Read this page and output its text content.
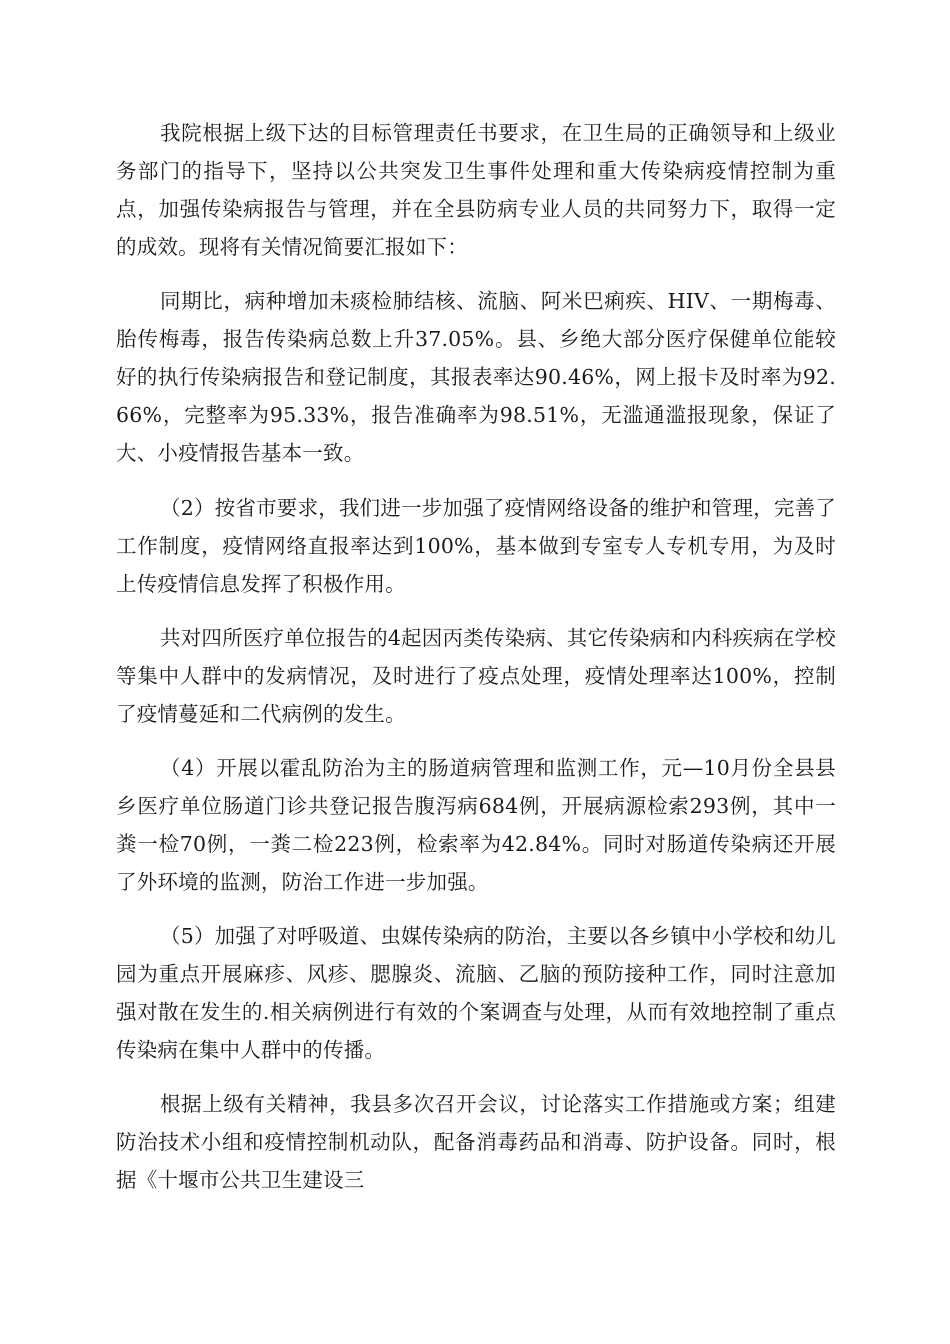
我院根据上级下达的目标管理责任书要求，在卫生局的正确领导和上级业务部门的指导下，坚持以公共突发卫生事件处理和重大传染病疫情控制为重点，加强传染病报告与管理，并在全县防病专业人员的共同努力下，取得一定的成效。现将有关情况简要汇报如下：

同期比，病种增加未痰检肺结核、流脑、阿米巴痢疾、HIV、一期梅毒、胎传梅毒，报告传染病总数上升37.05%。县、乡绝大部分医疗保健单位能较好的执行传染病报告和登记制度，其报表率达90.46%，网上报卡及时率为92.66%，完整率为95.33%，报告准确率为98.51%，无滥通滥报现象，保证了大、小疫情报告基本一致。

（2）按省市要求，我们进一步加强了疫情网络设备的维护和管理，完善了工作制度，疫情网络直报率达到100%，基本做到专室专人专机专用，为及时上传疫情信息发挥了积极作用。

共对四所医疗单位报告的4起因丙类传染病、其它传染病和内科疾病在学校等集中人群中的发病情况，及时进行了疫点处理，疫情处理率达100%，控制了疫情蔓延和二代病例的发生。

（4）开展以霍乱防治为主的肠道病管理和监测工作，元—10月份全县县乡医疗单位肠道门诊共登记报告腹泻病684例，开展病源检索293例，其中一粪一检70例，一粪二检223例，检索率为42.84%。同时对肠道传染病还开展了外环境的监测，防治工作进一步加强。

（5）加强了对呼吸道、虫媒传染病的防治，主要以各乡镇中小学校和幼儿园为重点开展麻疹、风疹、腮腺炎、流脑、乙脑的预防接种工作，同时注意加强对散在发生的.相关病例进行有效的个案调查与处理，从而有效地控制了重点传染病在集中人群中的传播。

根据上级有关精神，我县多次召开会议，讨论落实工作措施或方案；组建防治技术小组和疫情控制机动队，配备消毒药品和消毒、防护设备。同时，根据《十堰市公共卫生建设三
